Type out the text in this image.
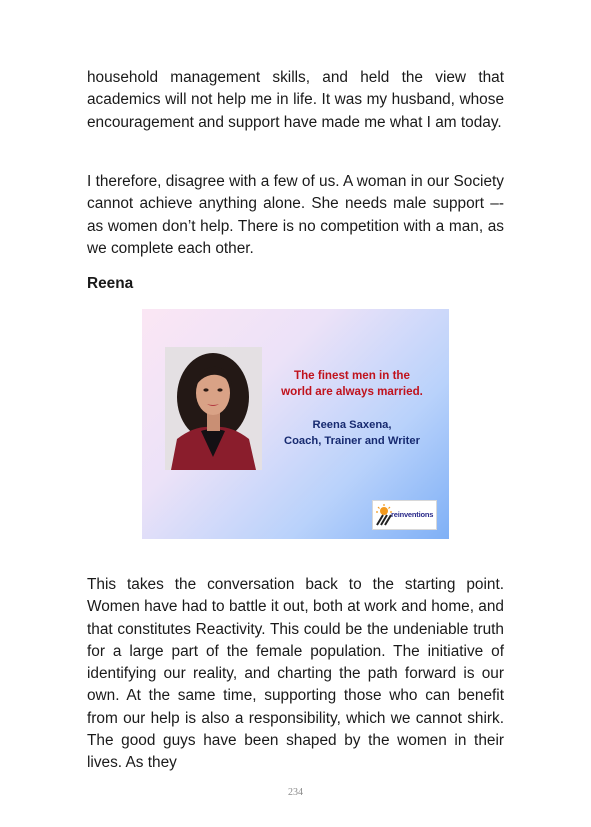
household management skills, and held the view that academics will not help me in life. It was my husband, whose encouragement and support have made me what I am today.

I therefore, disagree with a few of us. A woman in our Society cannot achieve anything alone. She needs male support –- as women don’t help. There is no competition with a man, as we complete each other.

Reena

The finest men in the
world are always married.

Reena Saxena,
Coach, Trainer and Writer

reinventions

This takes the conversation back to the starting point. Women have had to battle it out, both at work and home, and that constitutes Reactivity. This could be the undeniable truth for a large part of the female population. The initiative of identifying our reality, and charting the path forward is our own. At the same time, supporting those who can benefit from our help is also a responsibility, which we cannot shirk. The good guys have been shaped by the women in their lives. As they

234
